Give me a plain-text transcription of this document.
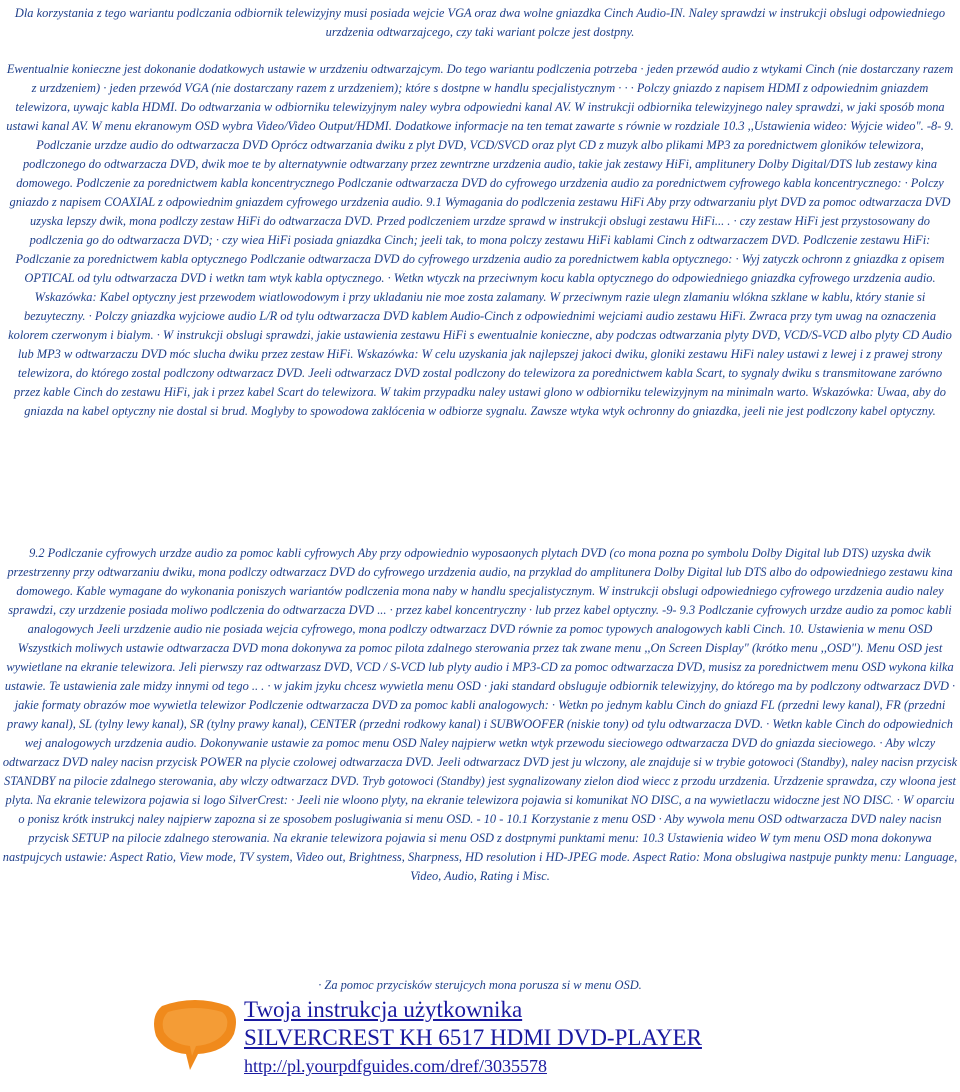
Dla korzystania z tego wariantu podlczania odbiornik telewizyjny musi posiada wejcie VGA oraz dwa wolne gniazdka Cinch Audio-IN. Naley sprawdzi w instrukcji obslugi odpowiedniego urzdzenia odtwarzajcego, czy taki wariant polcze jest dostpny.

Ewentualnie konieczne jest dokonanie dodatkowych ustawie w urzdzeniu odtwarzajcym. Do tego wariantu podlczenia potrzeba · jeden przewód audio z wtykami Cinch (nie dostarczany razem z urzdzeniem) · jeden przewód VGA (nie dostarczany razem z urzdzeniem); które s dostpne w handlu specjalistycznym · · · Polczy gniazdo z napisem HDMI z odpowiednim gniazdem telewizora, uywajc kabla HDMI. Do odtwarzania w odbiorniku telewizyjnym naley wybra odpowiedni kanal AV. W instrukcji odbiornika telewizyjnego naley sprawdzi, w jaki sposób mona ustawi kanal AV. W menu ekranowym OSD wybra Video/Video Output/HDMI. Dodatkowe informacje na ten temat zawarte s równie w rozdziale 10.3 ,,Ustawienia wideo: Wyjcie wideo". -8- 9. Podlczanie urzdze audio do odtwarzacza DVD Oprócz odtwarzania dwiku z plyt DVD, VCD/SVCD oraz plyt CD z muzyk albo plikami MP3 za porednictwem gloników telewizora, podlczonego do odtwarzacza DVD, dwik moe te by alternatywnie odtwarzany przez zewntrzne urzdzenia audio, takie jak zestawy HiFi, amplitunery Dolby Digital/DTS lub zestawy kina domowego. Podlczenie za porednictwem kabla koncentrycznego Podlczanie odtwarzacza DVD do cyfrowego urzdzenia audio za porednictwem cyfrowego kabla koncentrycznego: · Polczy gniazdo z napisem COAXIAL z odpowiednim gniazdem cyfrowego urzdzenia audio. 9.1 Wymagania do podlczenia zestawu HiFi Aby przy odtwarzaniu plyt DVD za pomoc odtwarzacza DVD uzyska lepszy dwik, mona podlczy zestaw HiFi do odtwarzacza DVD. Przed podlczeniem urzdze sprawd w instrukcji obslugi zestawu HiFi... . · czy zestaw HiFi jest przystosowany do podlczenia go do odtwarzacza DVD; · czy wiea HiFi posiada gniazdka Cinch; jeeli tak, to mona polczy zestawu HiFi kablami Cinch z odtwarzaczem DVD. Podlczenie zestawu HiFi: Podlczanie za porednictwem kabla optycznego Podlczanie odtwarzacza DVD do cyfrowego urzdzenia audio za porednictwem kabla optycznego: · Wyj zatyczk ochronn z gniazdka z opisem OPTICAL od tylu odtwarzacza DVD i wetkn tam wtyk kabla optycznego. · Wetkn wtyczk na przeciwnym kocu kabla optycznego do odpowiedniego gniazdka cyfrowego urzdzenia audio. Wskazówka: Kabel optyczny jest przewodem wiatlowodowym i przy ukladaniu nie moe zosta zalamany. W przeciwnym razie ulegn zlamaniu wlókna szklane w kablu, który stanie si bezuyteczny. · Polczy gniazdka wyjciowe audio L/R od tylu odtwarzacza DVD kablem Audio-Cinch z odpowiednimi wejciami audio zestawu HiFi. Zwraca przy tym uwag na oznaczenia kolorem czerwonym i bialym. · W instrukcji obslugi sprawdzi, jakie ustawienia zestawu HiFi s ewentualnie konieczne, aby podczas odtwarzania plyty DVD, VCD/S-VCD albo plyty CD Audio lub MP3 w odtwarzaczu DVD móc slucha dwiku przez zestaw HiFi. Wskazówka: W celu uzyskania jak najlepszej jakoci dwiku, gloniki zestawu HiFi naley ustawi z lewej i z prawej strony telewizora, do którego zostal podlczony odtwarzacz DVD. Jeeli odtwarzacz DVD zostal podlczony do telewizora za porednictwem kabla Scart, to sygnaly dwiku s transmitowane zarówno przez kable Cinch do zestawu HiFi, jak i przez kabel Scart do telewizora. W takim przypadku naley ustawi glono w odbiorniku telewizyjnym na minimaln warto. Wskazówka: Uwaa, aby do gniazda na kabel optyczny nie dostal si brud. Moglyby to spowodowa zaklócenia w odbiorze sygnalu. Zawsze wtyka wtyk ochronny do gniazdka, jeeli nie jest podlczony kabel optyczny.

9.2 Podlczanie cyfrowych urzdze audio za pomoc kabli cyfrowych Aby przy odpowiednio wyposaonych plytach DVD (co mona pozna po symbolu Dolby Digital lub DTS) uzyska dwik przestrzenny przy odtwarzaniu dwiku, mona podlczy odtwarzacz DVD do cyfrowego urzdzenia audio, na przyklad do amplitunera Dolby Digital lub DTS albo do odpowiedniego zestawu kina domowego. Kable wymagane do wykonania poniszych wariantów podlczenia mona naby w handlu specjalistycznym. W instrukcji obslugi odpowiedniego cyfrowego urzdzenia audio naley sprawdzi, czy urzdzenie posiada moliwo podlczenia do odtwarzacza DVD ... · przez kabel koncentryczny · lub przez kabel optyczny. -9- 9.3 Podlczanie cyfrowych urzdze audio za pomoc kabli analogowych Jeeli urzdzenie audio nie posiada wejcia cyfrowego, mona podlczy odtwarzacz DVD równie za pomoc typowych analogowych kabli Cinch. 10. Ustawienia w menu OSD Wszystkich moliwych ustawie odtwarzacza DVD mona dokonywa za pomoc pilota zdalnego sterowania przez tak zwane menu ,,On Screen Display" (krótko menu ,,OSD"). Menu OSD jest wywietlane na ekranie telewizora. Jeli pierwszy raz odtwarzasz DVD, VCD / S-VCD lub plyty audio i MP3-CD za pomoc odtwarzacza DVD, musisz za porednictwem menu OSD wykona kilka ustawie. Te ustawienia zale midzy innymi od tego .. . · w jakim jzyku chcesz wywietla menu OSD · jaki standard obsluguje odbiornik telewizyjny, do którego ma by podlczony odtwarzacz DVD · jakie formaty obrazów moe wywietla telewizor Podlczenie odtwarzacza DVD za pomoc kabli analogowych: · Wetkn po jednym kablu Cinch do gniazd FL (przedni lewy kanal), FR (przedni prawy kanal), SL (tylny lewy kanal), SR (tylny prawy kanal), CENTER (przedni rodkowy kanal) i SUBWOOFER (niskie tony) od tylu odtwarzacza DVD. · Wetkn kable Cinch do odpowiednich wej analogowych urzdzenia audio. Dokonywanie ustawie za pomoc menu OSD Naley najpierw wetkn wtyk przewodu sieciowego odtwarzacza DVD do gniazda sieciowego. · Aby wlczy odtwarzacz DVD naley nacisn przycisk POWER na plycie czolowej odtwarzacza DVD. Jeeli odtwarzacz DVD jest ju wlczony, ale znajduje si w trybie gotowoci (Standby), naley nacisn przycisk STANDBY na pilocie zdalnego sterowania, aby wlczy odtwarzacz DVD. Tryb gotowoci (Standby) jest sygnalizowany zielon diod wiecc z przodu urzdzenia. Urzdzenie sprawdza, czy wloona jest plyta. Na ekranie telewizora pojawia si logo SilverCrest: · Jeeli nie wloono plyty, na ekranie telewizora pojawia si komunikat NO DISC, a na wywietlaczu widoczne jest NO DISC. · W oparciu o ponisz krótk instrukcj naley najpierw zapozna si ze sposobem poslugiwania si menu OSD. - 10 - 10.1 Korzystanie z menu OSD · Aby wywola menu OSD odtwarzacza DVD naley nacisn przycisk SETUP na pilocie zdalnego sterowania. Na ekranie telewizora pojawia si menu OSD z dostpnymi punktami menu: 10.3 Ustawienia wideo W tym menu OSD mona dokonywa nastpujcych ustawie: Aspect Ratio, View mode, TV system, Video out, Brightness, Sharpness, HD resolution i HD-JPEG mode. Aspect Ratio: Mona obslugiwa nastpuje punkty menu: Language, Video, Audio, Rating i Misc.

· Za pomoc przycisków sterujcych mona porusza si w menu OSD.

Twoja instrukcja użytkownika

SILVERCREST KH 6517 HDMI DVD-PLAYER

http://pl.yourpdfguides.com/dref/3035578
